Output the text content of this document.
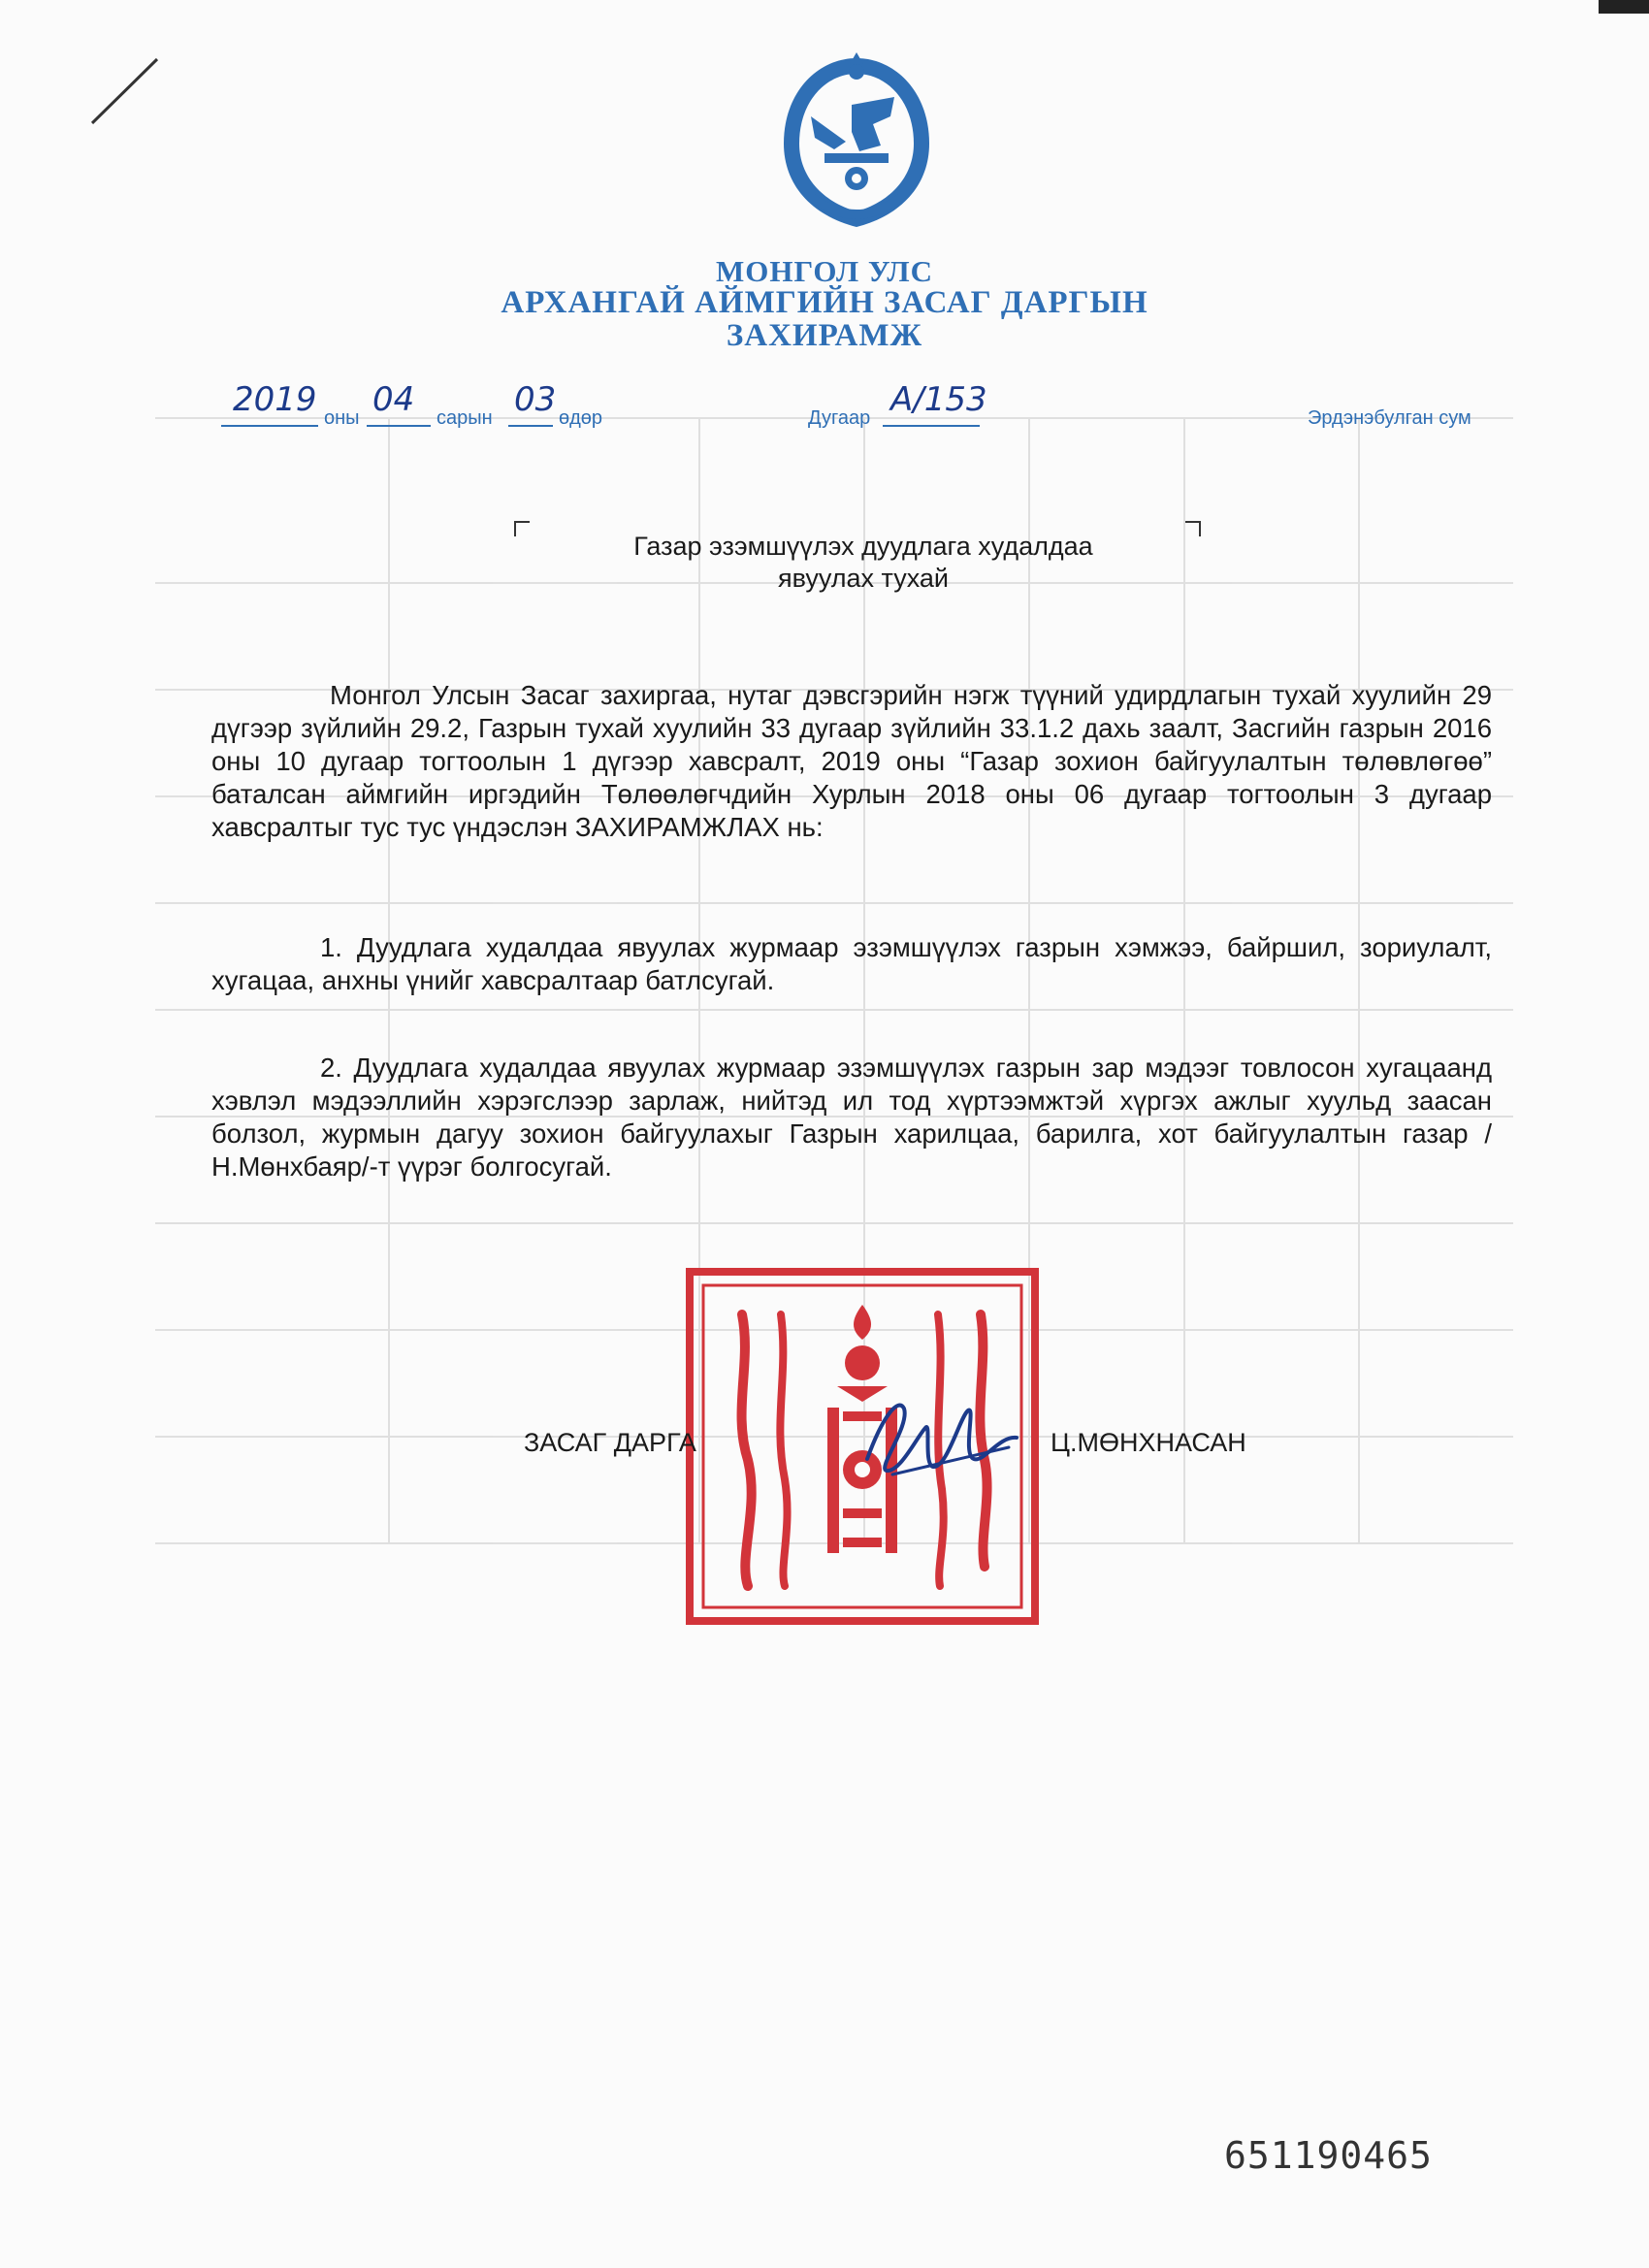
МОНГОЛ УЛС
АРХАНГАЙ АЙМГИЙН ЗАСАГ ДАРГЫН
ЗАХИРАМЖ
2019 оны 04 сарын 03 өдөр	Дугаар A/153	Эрдэнэбулган сум
Газар эзэмшүүлэх дуудлага худалдаа
явуулах тухай
Монгол Улсын Засаг захиргаа, нутаг дэвсгэрийн нэгж түүний удирдлагын тухай хуулийн 29 дүгээр зүйлийн 29.2, Газрын тухай хуулийн 33 дугаар зүйлийн 33.1.2 дахь заалт, Засгийн газрын 2016 оны 10 дугаар тогтоолын 1 дүгээр хавсралт, 2019 оны “Газар зохион байгуулалтын төлөвлөгөө” баталсан аймгийн иргэдийн Төлөөлөгчдийн Хурлын 2018 оны 06 дугаар тогтоолын 3 дугаар хавсралтыг тус тус үндэслэн ЗАХИРАМЖЛАХ нь:
1. Дуудлага худалдаа явуулах журмаар эзэмшүүлэх газрын хэмжээ, байршил, зориулалт, хугацаа, анхны үнийг хавсралтаар батлсугай.
2. Дуудлага худалдаа явуулах журмаар эзэмшүүлэх газрын зар мэдээг товлосон хугацаанд хэвлэл мэдээллийн хэрэгслээр зарлаж, нийтэд ил тод хүртээмжтэй хүргэх ажлыг хуульд заасан болзол, журмын дагуу зохион байгуулахыг Газрын харилцаа, барилга, хот байгуулалтын газар /Н.Мөнхбаяр/-т үүрэг болгосугай.
ЗАСАГ ДАРГА	Ц.МӨНХНАСАН
651190465
